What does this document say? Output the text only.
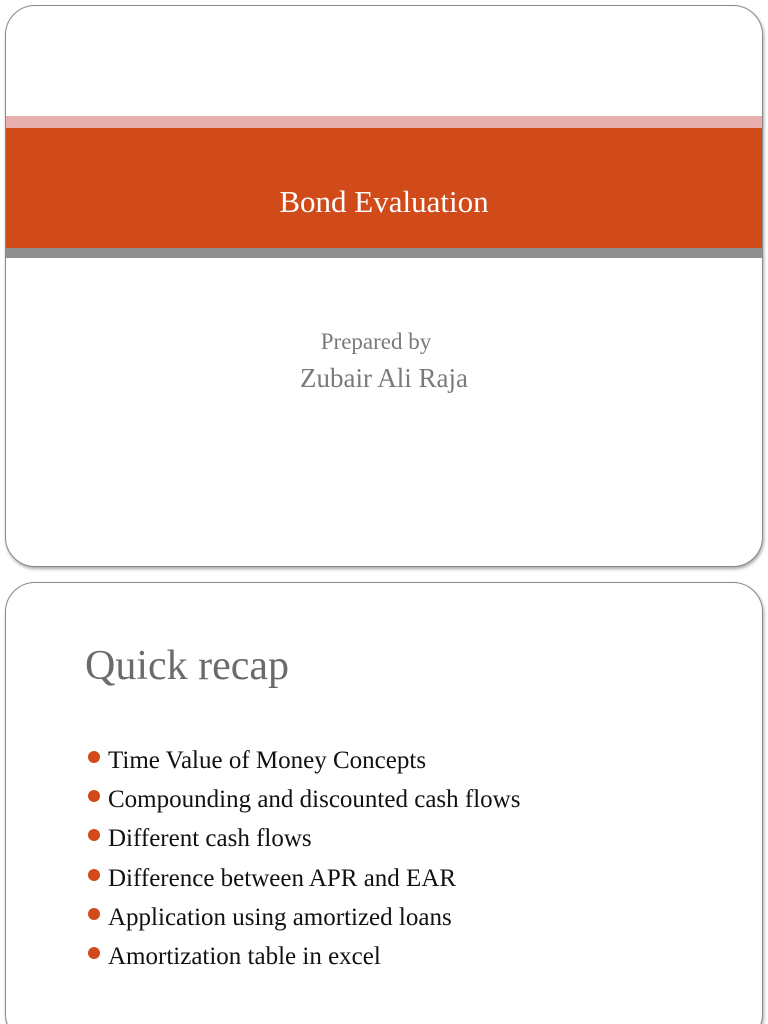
Bond Evaluation
Prepared by
Zubair Ali Raja
Quick recap
Time Value of Money Concepts
Compounding and discounted cash flows
Different cash flows
Difference between APR and EAR
Application using amortized loans
Amortization table in excel
